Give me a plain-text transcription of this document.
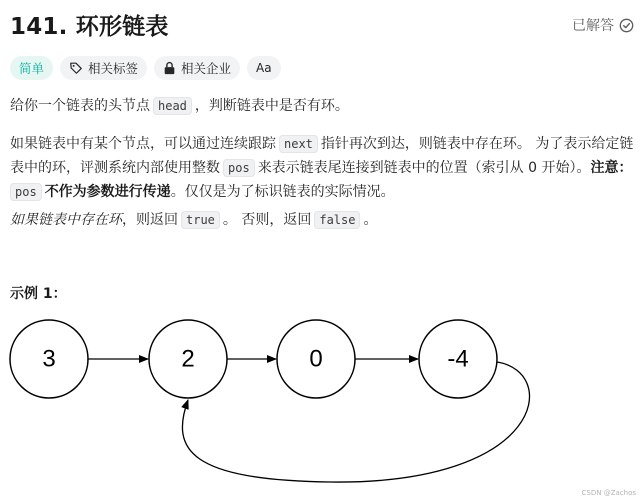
141. 环形链表	已解答
简单	相关标签	相关企业 Aа

给你一个链表的头节点 head ，判断链表中是否有环。

如果链表中有某个节点，可以通过连续跟踪 next 指针再次到达，则链表中存在环。 为了表示给定链表中的环，评测系统内部使用整数 pos 来表示链表尾连接到链表中的位置（索引从 0 开始）。注意：
pos 不作为参数进行传递。仅仅是为了标识链表的实际情况。

如果链表中存在环，则返回 true 。 否则，返回 false 。

示例 1：
3	2	0	-4
CSDN @Zachos
